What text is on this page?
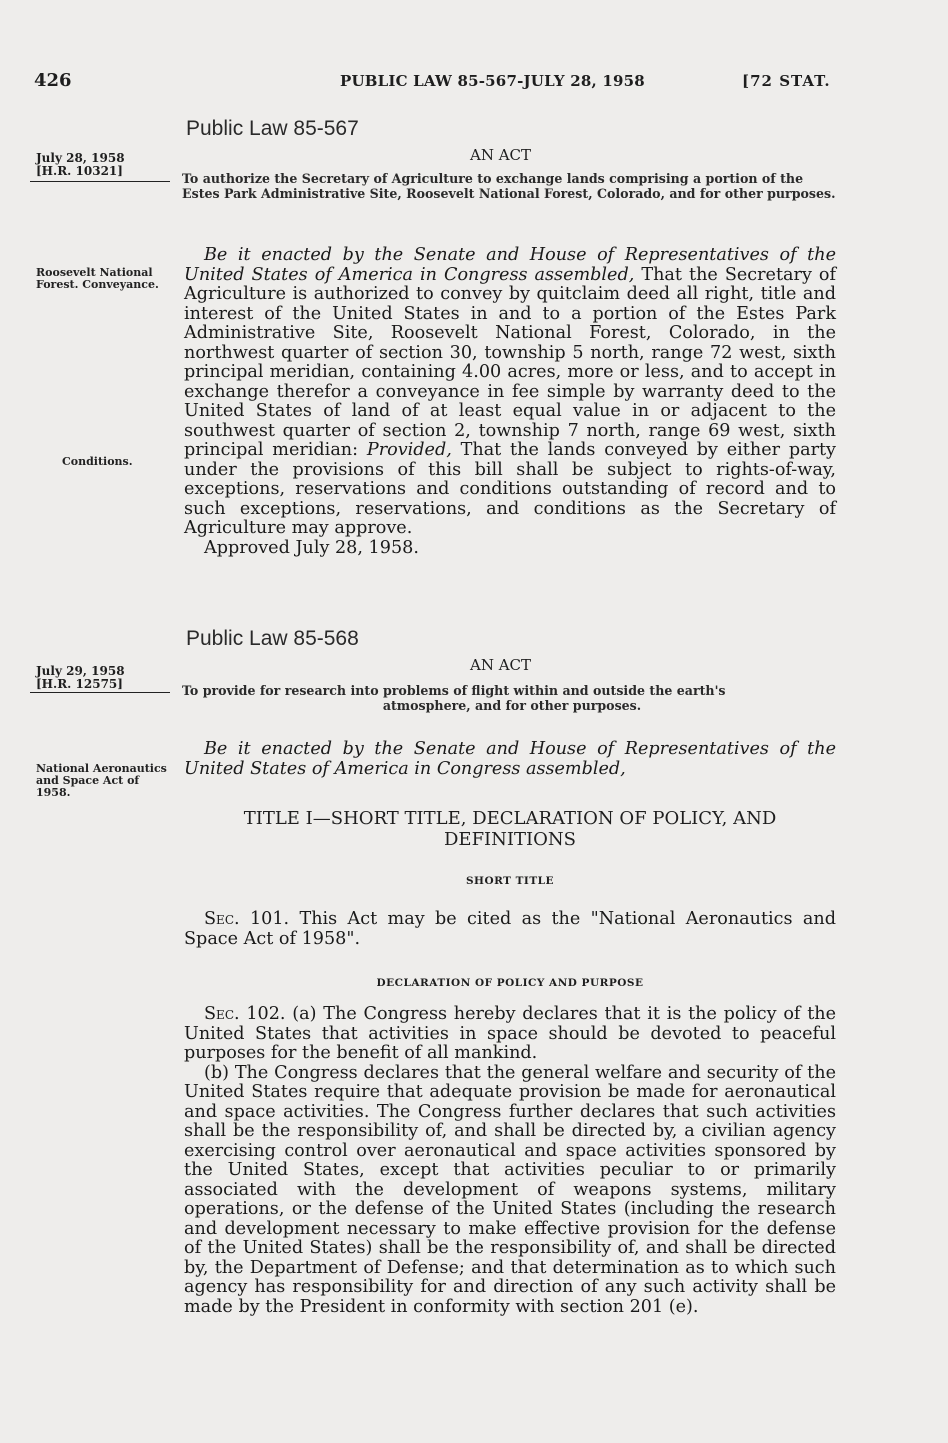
426	PUBLIC LAW 85-567-JULY 28, 1958	[72 STAT.
Public Law 85-567
AN ACT
July 28, 1958
[H.R. 10321]	To authorize the Secretary of Agriculture to exchange lands comprising a portion of the Estes Park Administrative Site, Roosevelt National Forest, Colorado, and for other purposes.
Roosevelt National Forest. Conveyance.
Conditions.

Be it enacted by the Senate and House of Representatives of the United States of America in Congress assembled, That the Secretary of Agriculture is authorized to convey by quitclaim deed all right, title and interest of the United States in and to a portion of the Estes Park Administrative Site, Roosevelt National Forest, Colorado, in the northwest quarter of section 30, township 5 north, range 72 west, sixth principal meridian, containing 4.00 acres, more or less, and to accept in exchange therefor a conveyance in fee simple by warranty deed to the United States of land of at least equal value in or adjacent to the southwest quarter of section 2, township 7 north, range 69 west, sixth principal meridian: Provided, That the lands conveyed by either party under the provisions of this bill shall be subject to rights-of-way, exceptions, reservations and conditions outstanding of record and to such exceptions, reservations, and conditions as the Secretary of Agriculture may approve.

Approved July 28, 1958.

Public Law 85-568
AN ACT
July 29, 1958
[H.R. 12575]	To provide for research into problems of flight within and outside the earth's
atmosphere, and for other purposes.
National Aeronautics and Space Act of 1958.

Be it enacted by the Senate and House of Representatives of the United States of America in Congress assembled,

TITLE I—SHORT TITLE, DECLARATION OF POLICY, AND DEFINITIONS
SHORT TITLE

Sec. 101. This Act may be cited as the "National Aeronautics and Space Act of 1958".

DECLARATION OF POLICY AND PURPOSE

Sec. 102. (a) The Congress hereby declares that it is the policy of the United States that activities in space should be devoted to peaceful purposes for the benefit of all mankind.

(b) The Congress declares that the general welfare and security of the United States require that adequate provision be made for aeronautical and space activities. The Congress further declares that such activities shall be the responsibility of, and shall be directed by, a civilian agency exercising control over aeronautical and space activities sponsored by the United States, except that activities peculiar to or primarily associated with the development of weapons systems, military operations, or the defense of the United States (including the research and development necessary to make effective provision for the defense of the United States) shall be the responsibility of, and shall be directed by, the Department of Defense; and that determination as to which such agency has responsibility for and direction of any such activity shall be made by the President in conformity with section 201 (e).
